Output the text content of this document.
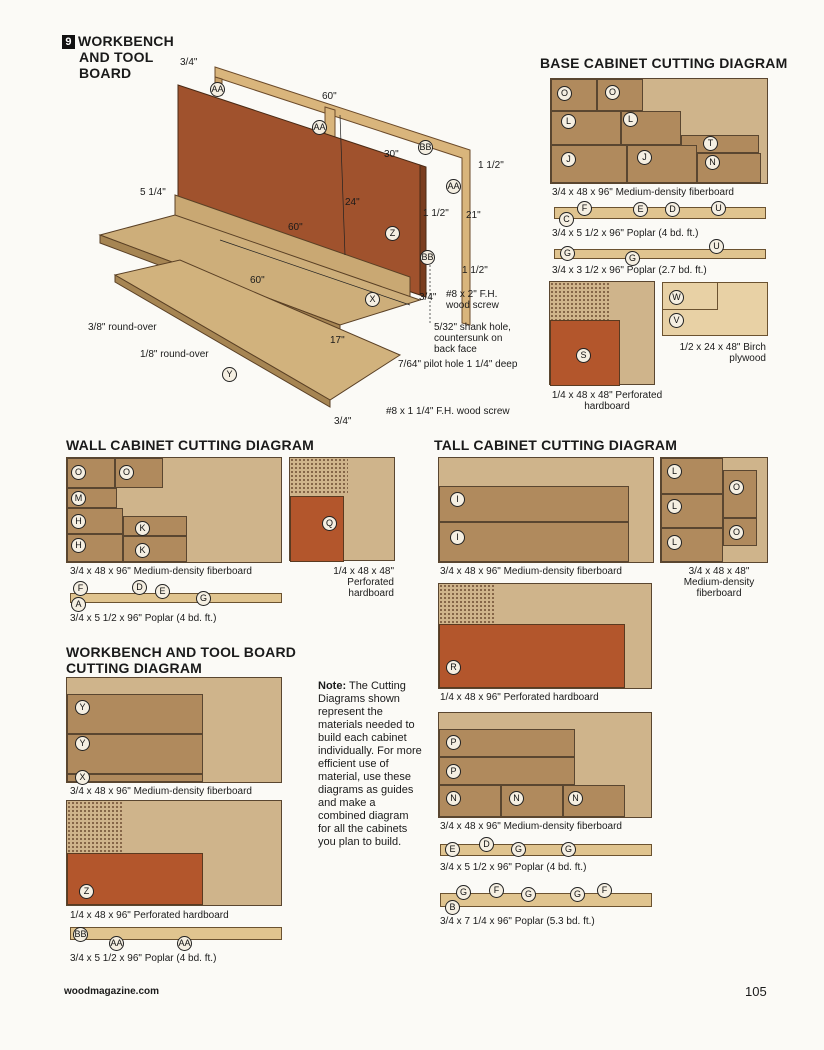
9 WORKBENCH
AND TOOL
BOARD
3/4"
60"
30"
1 1/2"
24"
21"
1 1/2"
1 1/2"
5 1/4"
60"
60"
17"
3/4"
3/4"
3/8" round-over
1/8" round-over
#8 x 2" F.H. wood screw
5/32" shank hole, countersunk on back face
7/64" pilot hole 1 1/4" deep
#8 x 1 1/4" F.H. wood screw
AA
AA
BB
AA
BB
Z
X
Y
BASE CABINET CUTTING DIAGRAM
O	O
L	L
T
J	J	N
3/4 x 48 x 96" Medium-density fiberboard
F	E	D	U
C
3/4 x 5 1/2 x 96" Poplar (4 bd. ft.)
G	G
U
3/4 x 3 1/2 x 96" Poplar (2.7 bd. ft.)
S
1/4 x 48 x 48" Perforated hardboard
W
V
1/2 x 24 x 48" Birch plywood
WALL CABINET CUTTING DIAGRAM
O	O
M
H
K
H	K
3/4 x 48 x 96" Medium-density fiberboard
F	D	E
G
A
3/4 x 5 1/2 x 96" Poplar (4 bd. ft.)
Q
1/4 x 48 x 48" Perforated hardboard
TALL CABINET CUTTING DIAGRAM
I
I
3/4 x 48 x 96" Medium-density fiberboard
L
O
L
O
L
3/4 x 48 x 48" Medium-density fiberboard
R
1/4 x 48 x 96" Perforated hardboard
P
P
N	N	N
3/4 x 48 x 96" Medium-density fiberboard
E	D	G	G
3/4 x 5 1/2 x 96" Poplar (4 bd. ft.)
G	F	G	G	F
B
3/4 x 7 1/4 x 96" Poplar (5.3 bd. ft.)
WORKBENCH AND TOOL BOARD
CUTTING DIAGRAM
Y
Y
X
3/4 x 48 x 96" Medium-density fiberboard
Z
1/4 x 48 x 96" Perforated hardboard
BB
AA	AA
3/4 x 5 1/2 x 96" Poplar (4 bd. ft.)
Note: The Cutting Diagrams shown represent the materials needed to build each cabinet individually. For more efficient use of material, use these diagrams as guides and make a combined diagram for all the cabinets you plan to build.
woodmagazine.com	105
